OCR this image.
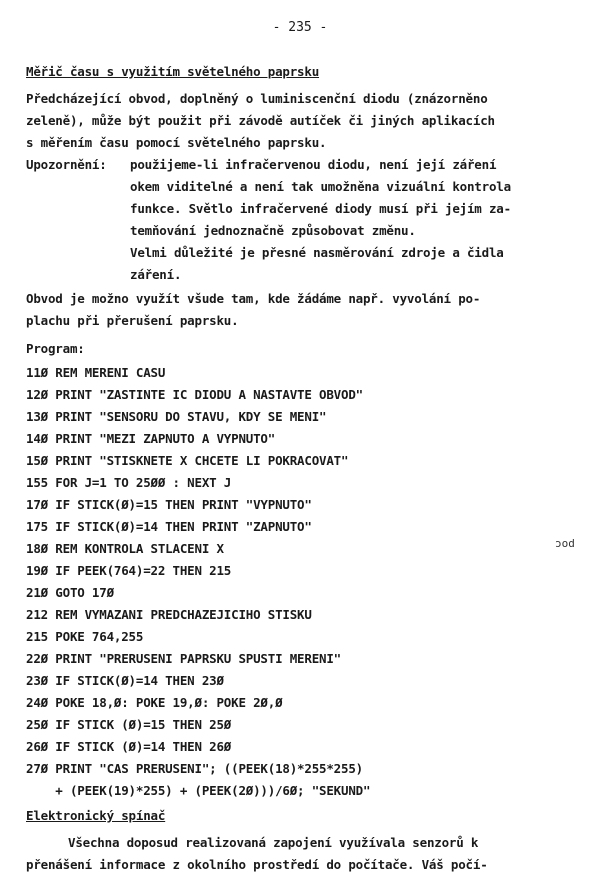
- 235 -
Měřič času s využitím světelného paprsku
Předcházející obvod, doplněný o luminiscenční diodu (znázorněno
zeleně), může být použit při závodě autíček či jiných aplikacích
s měřením času pomocí světelného paprsku.
Upozornění: použijeme-li infračervenou diodu, není její záření
okem viditelné a není tak umožněna vizuální kontrola
funkce. Světlo infračervené diody musí při jejím za-
temňování jednoznačně způsobovat změnu.
Velmi důležité je přesné nasměrování zdroje a čidla
záření.
Obvod je možno využít všude tam, kde žádáme např. vyvolání po-
plachu při přerušení paprsku.
Program:
11Ø REM MERENI CASU
12Ø PRINT "ZASTINTE IC DIODU A NASTAVTE OBVOD"
13Ø PRINT "SENSORU DO STAVU, KDY SE MENI"
14Ø PRINT "MEZI ZAPNUTO A VYPNUTO"
15Ø PRINT "STISKNETE X CHCETE LI POKRACOVAT"
155 FOR J=1 TO 25ØØ : NEXT J
17Ø IF STICK(Ø)=15 THEN PRINT "VYPNUTO"
175 IF STICK(Ø)=14 THEN PRINT "ZAPNUTO"
18Ø REM KONTROLA STLACENI X
19Ø IF PEEK(764)=22 THEN 215
21Ø GOTO 17Ø
212 REM VYMAZANI PREDCHAZEJICIHO STISKU
215 POKE 764,255
22Ø PRINT "PRERUSENI PAPRSKU SPUSTI MERENI"
23Ø IF STICK(Ø)=14 THEN 23Ø
24Ø POKE 18,Ø: POKE 19,Ø: POKE 2Ø,Ø
25Ø IF STICK (Ø)=15 THEN 25Ø
26Ø IF STICK (Ø)=14 THEN 26Ø
27Ø PRINT "CAS PRERUSENI"; ((PEEK(18)*255*255)
+ (PEEK(19)*255) + (PEEK(2Ø)))/6Ø; "SEKUND"
ɔod
Elektronický spínač
Všechna doposud realizovaná zapojení využívala senzorů k
přenášení informace z okolního prostředí do počítače. Váš počí-
